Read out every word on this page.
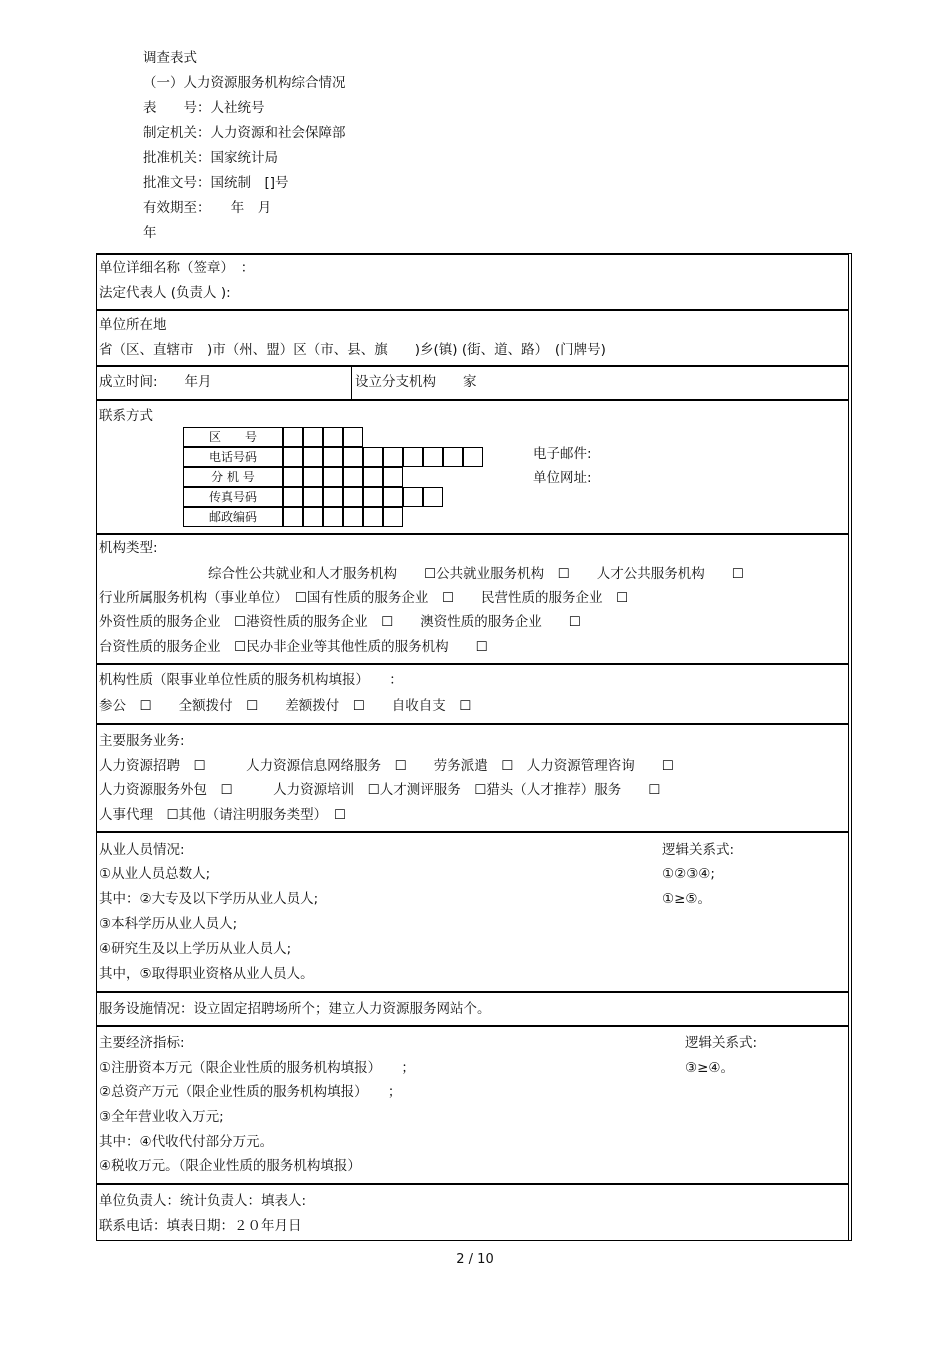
调查表式
（一）人力资源服务机构综合情况
表　　号：人社统号
制定机关：人力资源和社会保障部
批准机关：国家统计局
批准文号：国统制　[]号
有效期至：　　年　月
年
单位详细名称（签章）　：
法定代表人 (负责人 ):
单位所在地
省（区、直辖市　)市（州、盟）区（市、县、旗　　)乡(镇) (街、道、路）　(门牌号)
成立时间:　　年月	设立分支机构　　家
联系方式
区　　号
电话号码
分 机 号
传真号码
邮政编码
电子邮件:
单位网址:
机构类型:
综合性公共就业和人才服务机构　　☐公共就业服务机构　☐　　人才公共服务机构　　☐
行业所属服务机构（事业单位）　☐国有性质的服务企业　☐　　民营性质的服务企业　☐
外资性质的服务企业　☐港资性质的服务企业　☐　　澳资性质的服务企业　　☐
台资性质的服务企业　☐民办非企业等其他性质的服务机构　　☐
机构性质（限事业单位性质的服务机构填报）　　：
参公　☐　　全额拨付　☐　　差额拨付　☐　　自收自支　☐
主要服务业务:
人力资源招聘　☐　　　人力资源信息网络服务　☐　　劳务派遣　☐　人力资源管理咨询　　☐
人力资源服务外包　☐　　　人力资源培训　☐人才测评服务　☐猎头（人才推荐）服务　　☐
人事代理　☐其他（请注明服务类型）　☐
从业人员情况:
①从业人员总数人;
其中：②大专及以下学历从业人员人;
③本科学历从业人员人;
④研究生及以上学历从业人员人;
其中，⑤取得职业资格从业人员人。
逻辑关系式:
①②③④;
①≥⑤。
服务设施情况：设立固定招聘场所个；建立人力资源服务网站个。
主要经济指标:
①注册资本万元（限企业性质的服务机构填报）　　；
②总资产万元（限企业性质的服务机构填报）　　；
③全年营业收入万元;
其中：④代收代付部分万元。
④税收万元。（限企业性质的服务机构填报）
逻辑关系式:
③≥④。
单位负责人：统计负责人：填表人:
联系电话：填表日期：２０年月日
2 / 10
